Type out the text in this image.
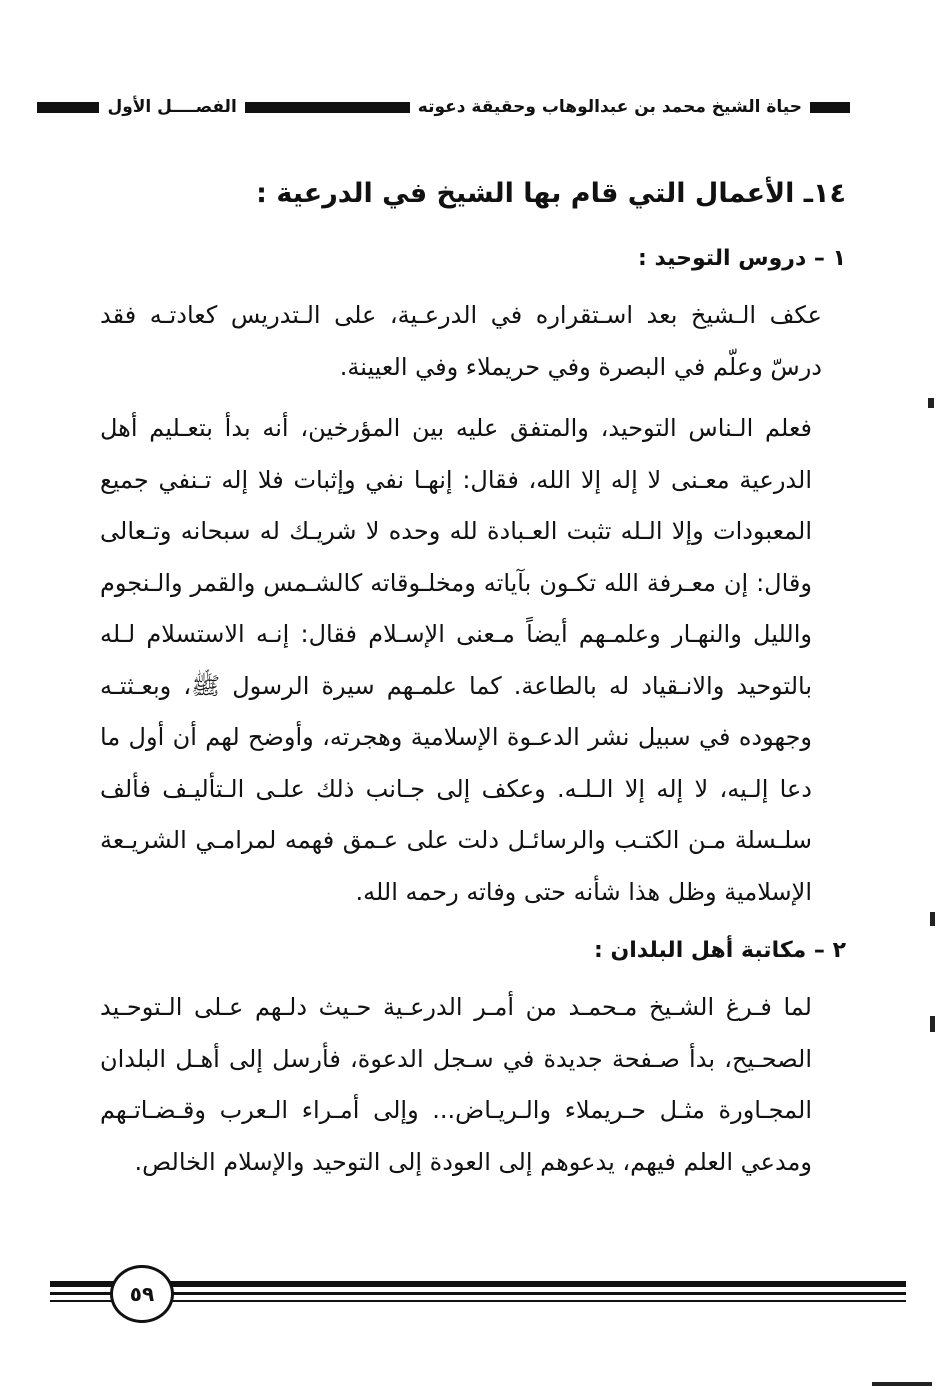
حياة الشيخ محمد بن عبدالوهاب وحقيقة دعوته
الفصــــل الأول
١٤ـ الأعمال التي قام بها الشيخ في الدرعية :
١ – دروس التوحيد :

عكف الـشيخ بعد اسـتقراره في الدرعـية، على الـتدريس كعادتـه فقد درسّ وعلّم في البصرة وفي حريملاء وفي العيينة.

فعلم الـناس التوحيد، والمتفق عليه بين المؤرخين، أنه بدأ بتعـليم أهل الدرعية معـنى لا إله إلا الله، فقال: إنهـا نفي وإثبات فلا إله تـنفي جميع المعبودات وإلا الـله تثبت العـبادة لله وحده لا شريـك له سبحانه وتـعالى وقال: إن معـرفة الله تكـون بآياته ومخلـوقاته كالشـمس والقمر والـنجوم والليل والنهـار وعلمـهم أيضاً مـعنى الإسـلام فقال: إنـه الاستسلام لـله بالتوحيد والانـقياد له بالطاعة. كما علمـهم سيرة الرسول ﷺ، وبعـثتـه وجهوده في سبيل نشر الدعـوة الإسلامية وهجرته، وأوضح لهم أن أول ما دعا إلـيه، لا إله إلا الـلـه. وعكف إلى جـانب ذلك علـى الـتأليـف فألف سلـسلة مـن الكتـب والرسائـل دلت على عـمق فهمه لمرامـي الشريـعة الإسلامية وظل هذا شأنه حتى وفاته رحمه الله.

٢ – مكاتبة أهل البلدان :

لما فـرغ الشـيخ مـحمـد من أمـر الدرعـية حـيث دلـهم عـلى الـتوحـيد الصحـيح، بدأ صـفحة جديدة في سـجل الدعوة، فأرسل إلى أهـل البلدان المجـاورة مثـل حـريملاء والـريـاض... وإلى أمـراء الـعرب وقـضـاتـهم ومدعي العلم فيهم، يدعوهم إلى العودة إلى التوحيد والإسلام الخالص.

٥٩
